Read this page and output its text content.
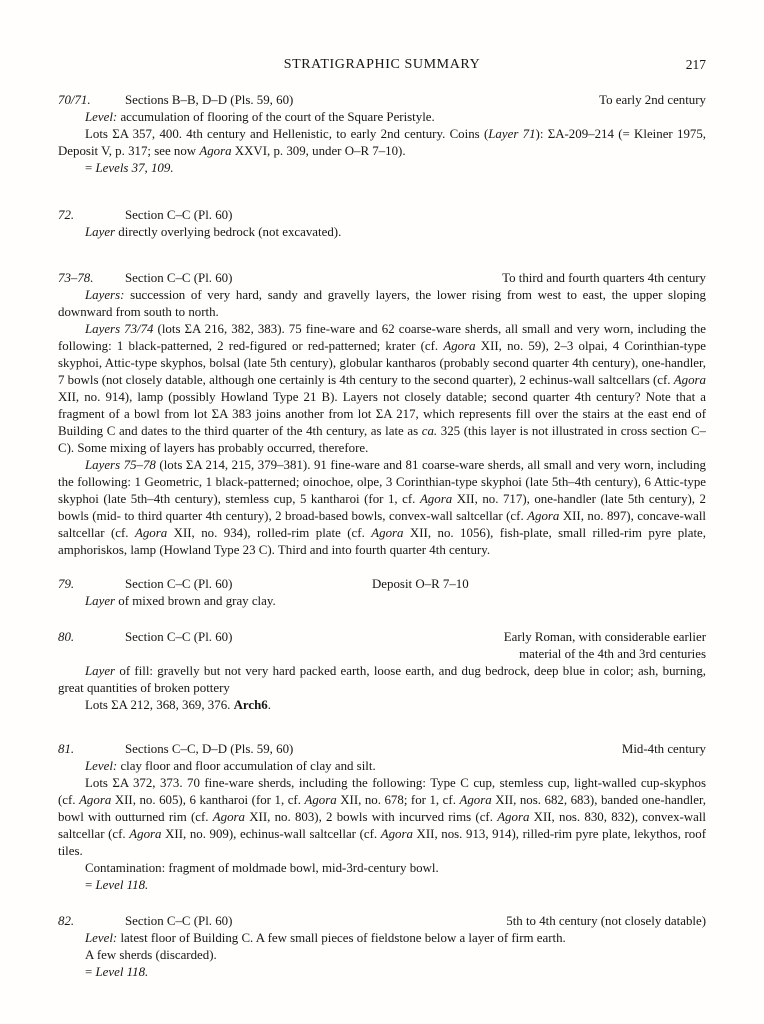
STRATIGRAPHIC SUMMARY	217
70/71.	Sections B–B, D–D (Pls. 59, 60)	To early 2nd century

Level: accumulation of flooring of the court of the Square Peristyle.

Lots ΣA 357, 400. 4th century and Hellenistic, to early 2nd century. Coins (Layer 71): ΣA-209–214 (= Kleiner 1975, Deposit V, p. 317; see now Agora XXVI, p. 309, under O–R 7–10).

= Levels 37, 109.

72.	Section C–C (Pl. 60)

Layer directly overlying bedrock (not excavated).

73–78.	Section C–C (Pl. 60)	To third and fourth quarters 4th century

Layers: succession of very hard, sandy and gravelly layers, the lower rising from west to east, the upper sloping downward from south to north.

Layers 73/74 (lots ΣA 216, 382, 383). 75 fine-ware and 62 coarse-ware sherds, all small and very worn, including the following: 1 black-patterned, 2 red-figured or red-patterned; krater (cf. Agora XII, no. 59), 2–3 olpai, 4 Corinthian-type skyphoi, Attic-type skyphos, bolsal (late 5th century), globular kantharos (probably second quarter 4th century), one-handler, 7 bowls (not closely datable, although one certainly is 4th century to the second quarter), 2 echinus-wall saltcellars (cf. Agora XII, no. 914), lamp (possibly Howland Type 21 B). Layers not closely datable; second quarter 4th century? Note that a fragment of a bowl from lot ΣA 383 joins another from lot ΣA 217, which represents fill over the stairs at the east end of Building C and dates to the third quarter of the 4th century, as late as ca. 325 (this layer is not illustrated in cross section C–C). Some mixing of layers has probably occurred, therefore.

Layers 75–78 (lots ΣA 214, 215, 379–381). 91 fine-ware and 81 coarse-ware sherds, all small and very worn, including the following: 1 Geometric, 1 black-patterned; oinochoe, olpe, 3 Corinthian-type skyphoi (late 5th–4th century), 6 Attic-type skyphoi (late 5th–4th century), stemless cup, 5 kantharoi (for 1, cf. Agora XII, no. 717), one-handler (late 5th century), 2 bowls (mid- to third quarter 4th century), 2 broad-based bowls, convex-wall saltcellar (cf. Agora XII, no. 897), concave-wall saltcellar (cf. Agora XII, no. 934), rolled-rim plate (cf. Agora XII, no. 1056), fish-plate, small rilled-rim pyre plate, amphoriskos, lamp (Howland Type 23 C). Third and into fourth quarter 4th century.

79.	Section C–C (Pl. 60)	Deposit O–R 7–10

Layer of mixed brown and gray clay.

80.	Section C–C (Pl. 60)	Early Roman, with considerable earlier
material of the 4th and 3rd centuries

Layer of fill: gravelly but not very hard packed earth, loose earth, and dug bedrock, deep blue in color; ash, burning, great quantities of broken pottery

Lots ΣA 212, 368, 369, 376. Arch6.

81.	Sections C–C, D–D (Pls. 59, 60)	Mid-4th century

Level: clay floor and floor accumulation of clay and silt.

Lots ΣA 372, 373. 70 fine-ware sherds, including the following: Type C cup, stemless cup, light-walled cup-skyphos (cf. Agora XII, no. 605), 6 kantharoi (for 1, cf. Agora XII, no. 678; for 1, cf. Agora XII, nos. 682, 683), banded one-handler, bowl with outturned rim (cf. Agora XII, no. 803), 2 bowls with incurved rims (cf. Agora XII, nos. 830, 832), convex-wall saltcellar (cf. Agora XII, no. 909), echinus-wall saltcellar (cf. Agora XII, nos. 913, 914), rilled-rim pyre plate, lekythos, roof tiles.

Contamination: fragment of moldmade bowl, mid-3rd-century bowl.

= Level 118.

82.	Section C–C (Pl. 60)	5th to 4th century (not closely datable)

Level: latest floor of Building C. A few small pieces of fieldstone below a layer of firm earth.

A few sherds (discarded).

= Level 118.
